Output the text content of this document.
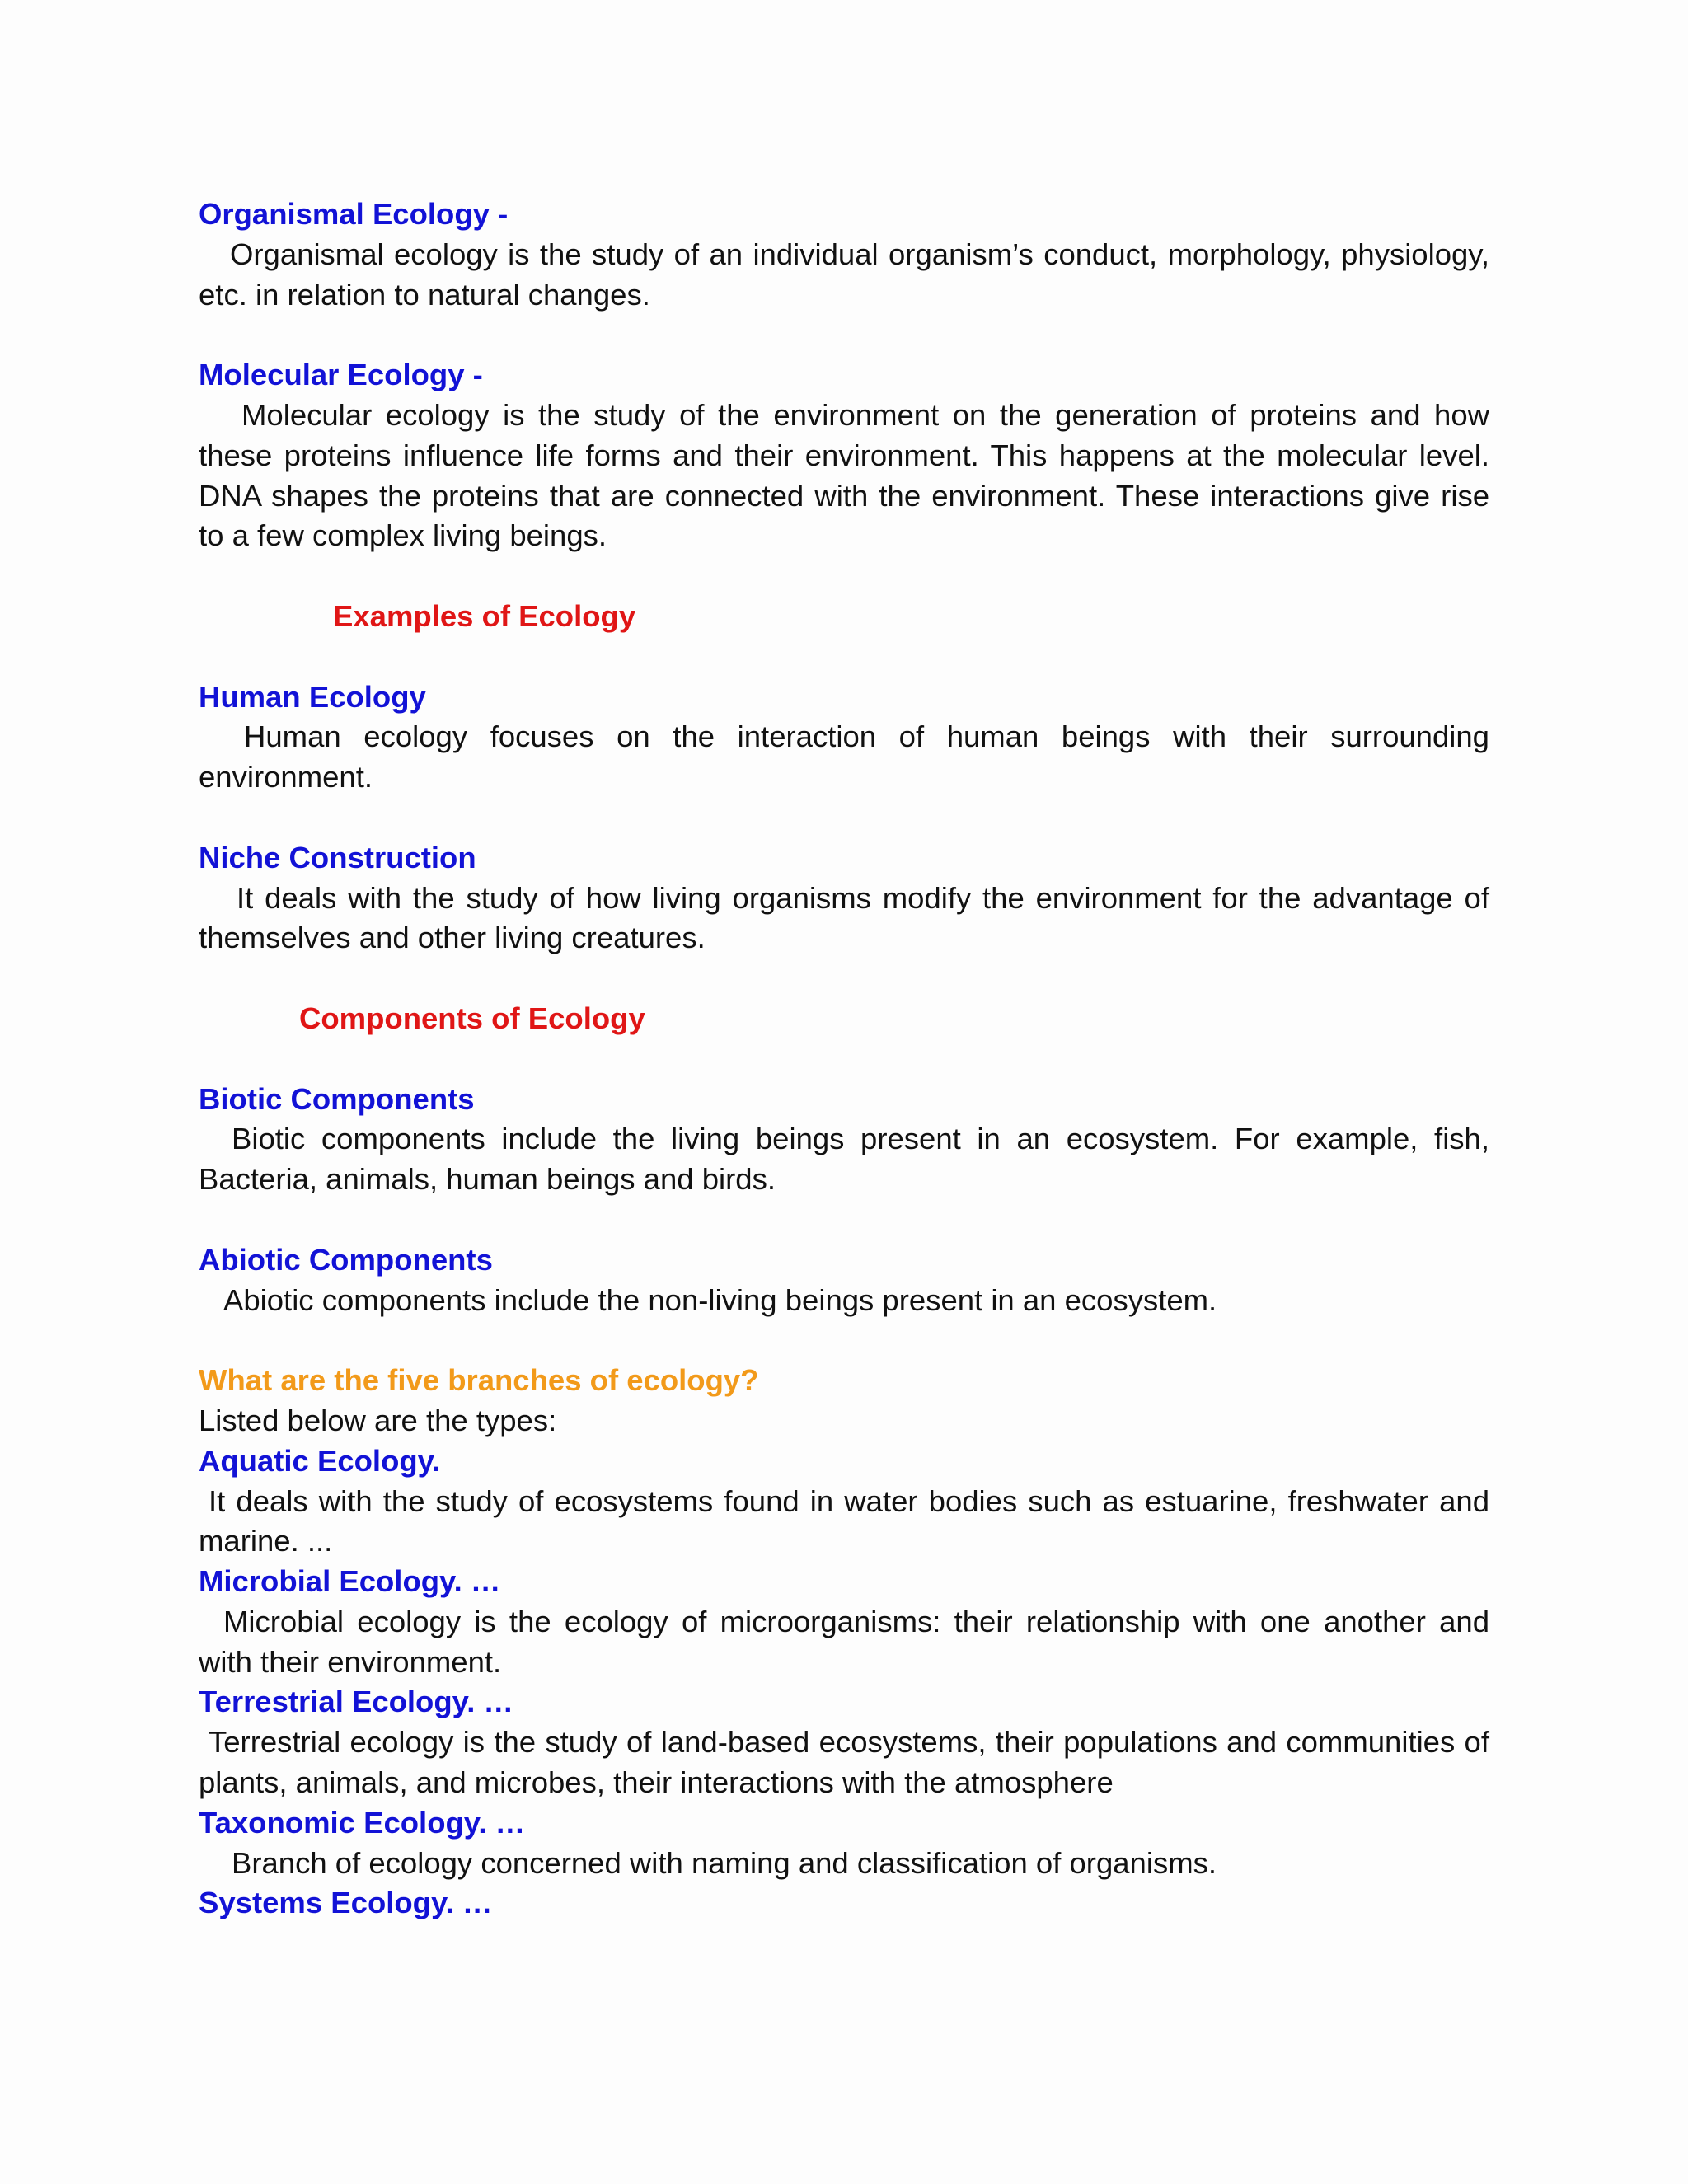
Organismal Ecology -

Organismal ecology is the study of an individual organism’s conduct, morphology, physiology, etc. in relation to natural changes.

Molecular Ecology -

Molecular ecology is the study of the environment on the generation of proteins and how these proteins influence life forms and their environment. This happens at the molecular level. DNA shapes the proteins that are connected with the environment. These interactions give rise to a few complex living beings.

Examples of Ecology

Human Ecology

Human ecology focuses on the interaction of human beings with their surrounding environment.

Niche Construction

It deals with the study of how living organisms modify the environment for the advantage of themselves and other living creatures.

Components of Ecology

Biotic Components

Biotic components include the living beings present in an ecosystem. For example, fish, Bacteria, animals, human beings and birds.

Abiotic Components

Abiotic components include the non-living beings present in an ecosystem.

What are the five branches of ecology?

Listed below are the types:

Aquatic Ecology.

It deals with the study of ecosystems found in water bodies such as estuarine, freshwater and marine. ...

Microbial Ecology. …

Microbial ecology is the ecology of microorganisms: their relationship with one another and with their environment.

Terrestrial Ecology. …

Terrestrial ecology is the study of land-based ecosystems, their populations and communities of plants, animals, and microbes, their interactions with the atmosphere

Taxonomic Ecology. …

Branch of ecology concerned with naming and classification of organisms.

Systems Ecology. …
